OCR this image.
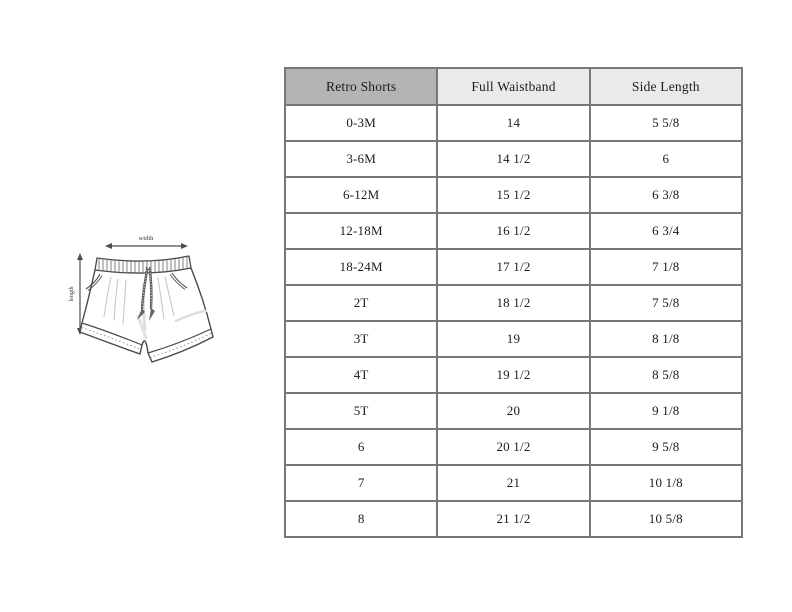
width
length
Retro Shorts	Full Waistband	Side Length
0-3M	14	5 5/8
3-6M	14 1/2	6
6-12M	15 1/2	6 3/8
12-18M	16 1/2	6 3/4
18-24M	17 1/2	7 1/8
2T	18 1/2	7 5/8
3T	19	8 1/8
4T	19 1/2	8 5/8
5T	20	9 1/8
6	20 1/2	9 5/8
7	21	10 1/8
8	21 1/2	10 5/8
